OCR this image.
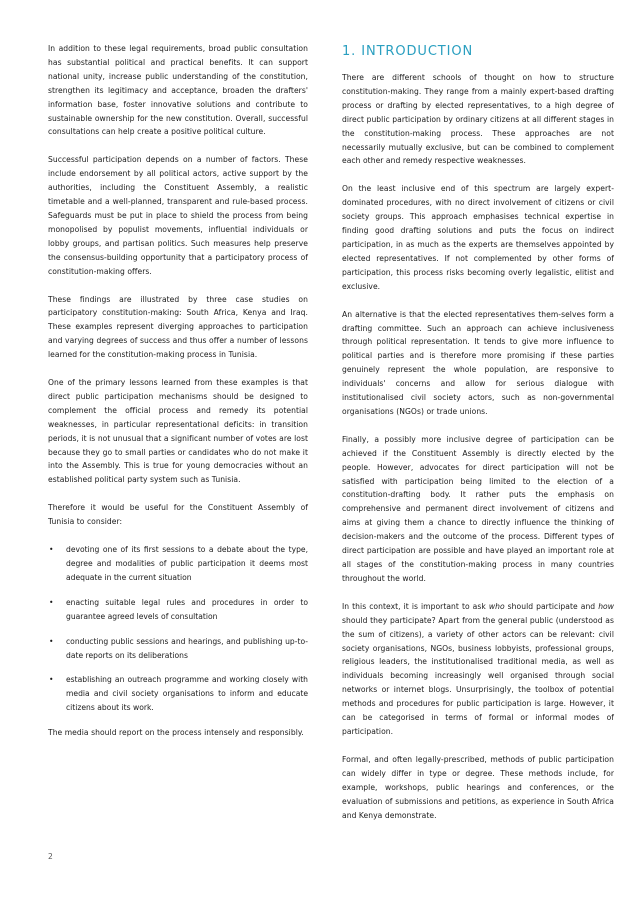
In addition to these legal requirements, broad public consultation has substantial political and practical benefits. It can support national unity, increase public understanding of the constitution, strengthen its legitimacy and acceptance, broaden the drafters' information base, foster innovative solutions and contribute to sustainable ownership for the new constitution. Overall, successful consultations can help create a positive political culture.

Successful participation depends on a number of factors. These include endorsement by all political actors, active support by the authorities, including the Constituent Assembly, a realistic timetable and a well-planned, transparent and rule-based process. Safeguards must be put in place to shield the process from being monopolised by populist movements, influential individuals or lobby groups, and partisan politics. Such measures help preserve the consensus-building opportunity that a participatory process of constitution-making offers.

These findings are illustrated by three case studies on participatory constitution-making: South Africa, Kenya and Iraq. These examples represent diverging approaches to participation and varying degrees of success and thus offer a number of lessons learned for the constitution-making process in Tunisia.

One of the primary lessons learned from these examples is that direct public participation mechanisms should be designed to complement the official process and remedy its potential weaknesses, in particular representational deficits: in transition periods, it is not unusual that a significant number of votes are lost because they go to small parties or candidates who do not make it into the Assembly. This is true for young democracies without an established political party system such as Tunisia.

Therefore it would be useful for the Constituent Assembly of Tunisia to consider:

• devoting one of its first sessions to a debate about the type, degree and modalities of public participation it deems most adequate in the current situation
• enacting suitable legal rules and procedures in order to guarantee agreed levels of consultation
• conducting public sessions and hearings, and publishing up-to-date reports on its deliberations
• establishing an outreach programme and working closely with media and civil society organisations to inform and educate citizens about its work.

The media should report on the process intensely and responsibly.

1. INTRODUCTION

There are different schools of thought on how to structure constitution-making. They range from a mainly expert-based drafting process or drafting by elected representatives, to a high degree of direct public participation by ordinary citizens at all different stages in the constitution-making process. These approaches are not necessarily mutually exclusive, but can be combined to complement each other and remedy respective weaknesses.

On the least inclusive end of this spectrum are largely expert-dominated procedures, with no direct involvement of citizens or civil society groups. This approach emphasises technical expertise in finding good drafting solutions and puts the focus on indirect participation, in as much as the experts are themselves appointed by elected representatives. If not complemented by other forms of participation, this process risks becoming overly legalistic, elitist and exclusive.

An alternative is that the elected representatives them-selves form a drafting committee. Such an approach can achieve inclusiveness through political representation. It tends to give more influence to political parties and is therefore more promising if these parties genuinely represent the whole population, are responsive to individuals' concerns and allow for serious dialogue with institutionalised civil society actors, such as non-governmental organisations (NGOs) or trade unions.

Finally, a possibly more inclusive degree of participation can be achieved if the Constituent Assembly is directly elected by the people. However, advocates for direct participation will not be satisfied with participation being limited to the election of a constitution-drafting body. It rather puts the emphasis on comprehensive and permanent direct involvement of citizens and aims at giving them a chance to directly influence the thinking of decision-makers and the outcome of the process. Different types of direct participation are possible and have played an important role at all stages of the constitution-making process in many countries throughout the world.

In this context, it is important to ask who should participate and how should they participate? Apart from the general public (understood as the sum of citizens), a variety of other actors can be relevant: civil society organisations, NGOs, business lobbyists, professional groups, religious leaders, the institutionalised traditional media, as well as individuals becoming increasingly well organised through social networks or internet blogs. Unsurprisingly, the toolbox of potential methods and procedures for public participation is large. However, it can be categorised in terms of formal or informal modes of participation.

Formal, and often legally-prescribed, methods of public participation can widely differ in type or degree. These methods include, for example, workshops, public hearings and conferences, or the evaluation of submissions and petitions, as experience in South Africa and Kenya demonstrate.

2
